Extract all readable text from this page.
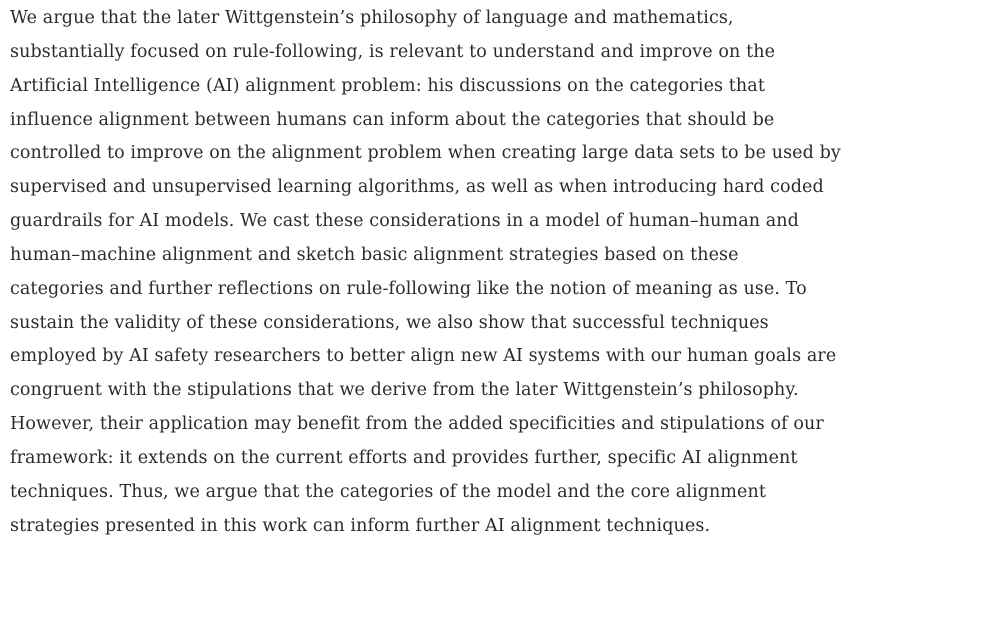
We argue that the later Wittgenstein’s philosophy of language and mathematics,
substantially focused on rule-following, is relevant to understand and improve on the
Artificial Intelligence (AI) alignment problem: his discussions on the categories that
influence alignment between humans can inform about the categories that should be
controlled to improve on the alignment problem when creating large data sets to be used by
supervised and unsupervised learning algorithms, as well as when introducing hard coded
guardrails for AI models. We cast these considerations in a model of human–human and
human–machine alignment and sketch basic alignment strategies based on these
categories and further reflections on rule-following like the notion of meaning as use. To
sustain the validity of these considerations, we also show that successful techniques
employed by AI safety researchers to better align new AI systems with our human goals are
congruent with the stipulations that we derive from the later Wittgenstein’s philosophy.
However, their application may benefit from the added specificities and stipulations of our
framework: it extends on the current efforts and provides further, specific AI alignment
techniques. Thus, we argue that the categories of the model and the core alignment
strategies presented in this work can inform further AI alignment techniques.
